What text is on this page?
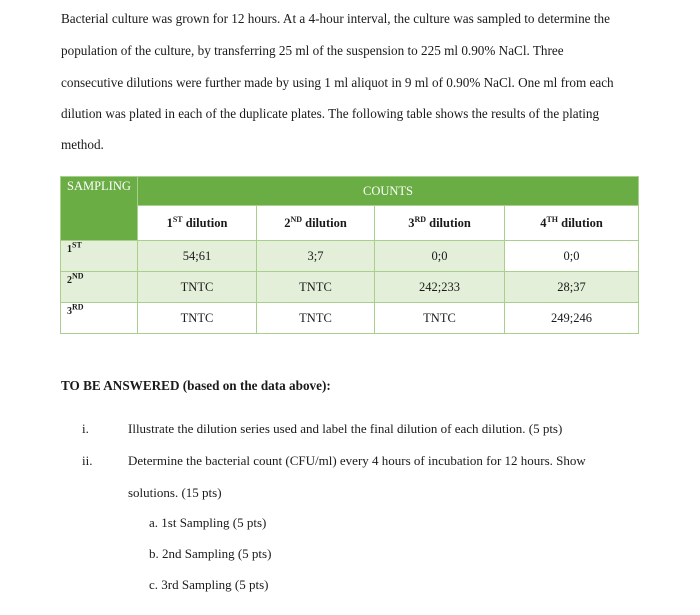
Bacterial culture was grown for 12 hours. At a 4-hour interval, the culture was sampled to determine the
population of the culture, by transferring 25 ml of the suspension to 225 ml 0.90% NaCl. Three
consecutive dilutions were further made by using 1 ml aliquot in 9 ml of 0.90% NaCl. One ml from each
dilution was plated in each of the duplicate plates. The following table shows the results of the plating
method.
SAMPLING	COUNTS			
	1ST dilution	2ND dilution	3RD dilution	4TH dilution
1ST	54;61	3;7	0;0	0;0
2ND	TNTC	TNTC	242;233	28;37
3RD	TNTC	TNTC	TNTC	249;246
TO BE ANSWERED (based on the data above):
i.	Illustrate the dilution series used and label the final dilution of each dilution. (5 pts)
ii.	Determine the bacterial count (CFU/ml) every 4 hours of incubation for 12 hours. Show
solutions. (15 pts)
a. 1st Sampling (5 pts)
b. 2nd Sampling (5 pts)
c. 3rd Sampling (5 pts)
